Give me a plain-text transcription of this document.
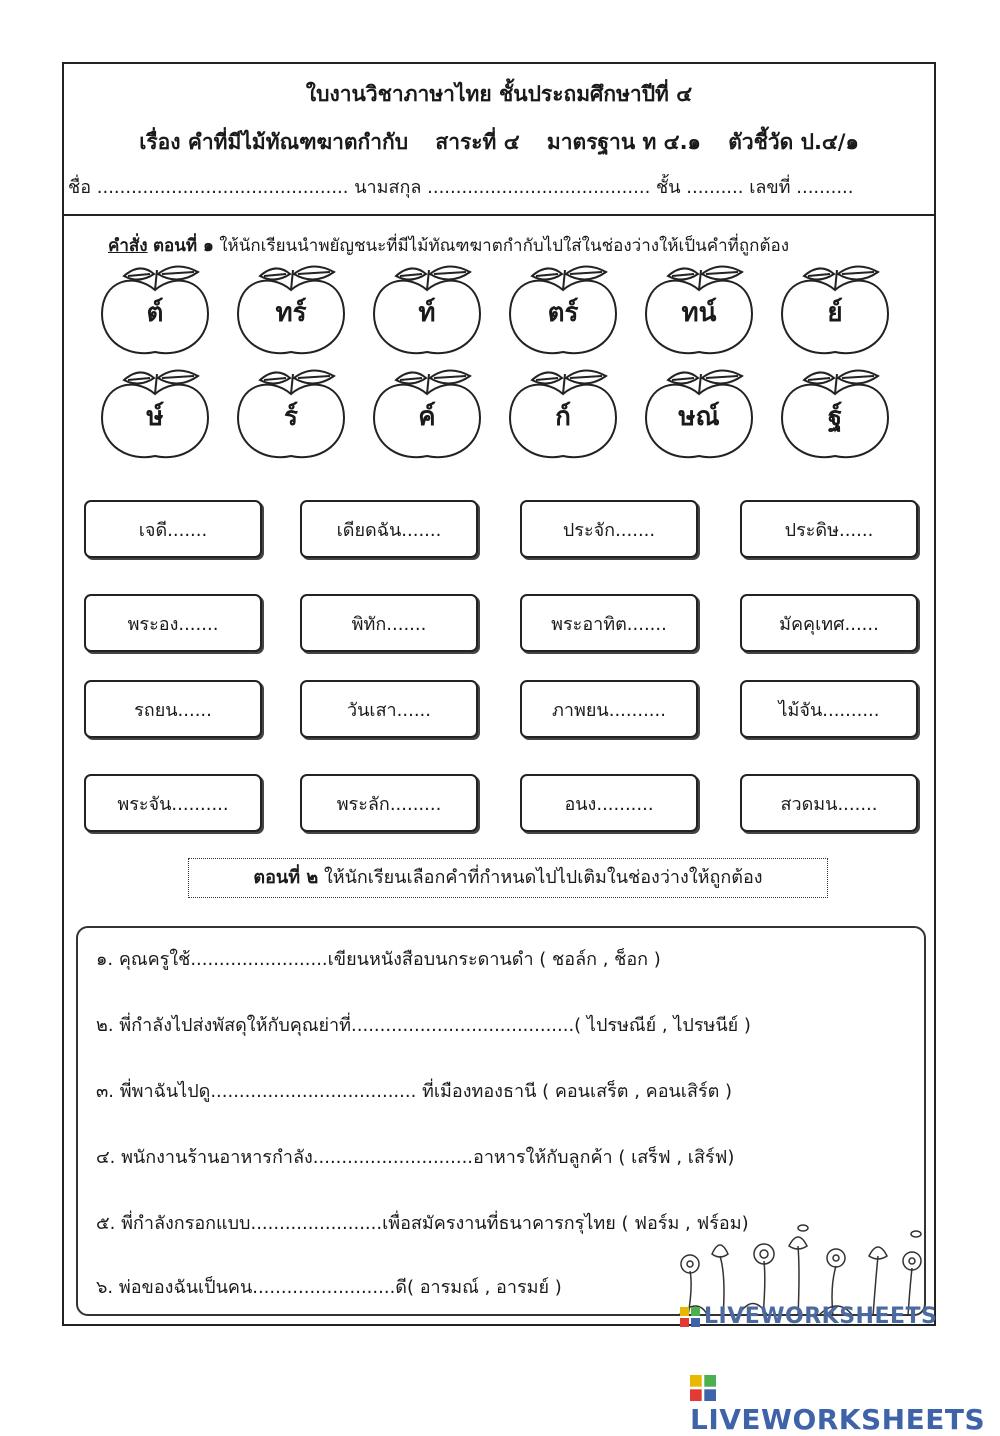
ใบงานวิชาภาษาไทย ชั้นประถมศึกษาปีที่ ๔
เรื่อง คำที่มีไม้ทัณฑฆาตกำกับ สาระที่ ๔ มาตรฐาน ท ๔.๑ ตัวชี้วัด ป.๔/๑
ชื่อ ............................................ นามสกุล ....................................... ชั้น .......... เลขที่ ..........
คำสั่ง ตอนที่ ๑ ให้นักเรียนนำพยัญชนะที่มีไม้ทัณฑฆาตกำกับไปใส่ในช่องว่างให้เป็นคำที่ถูกต้อง
ต์	ทร์	ท์	ตร์	ทน์	ย์
ษ์	ร์	ค์	ก์	ษณ์	ฐ์
เจดี.......	เดียดฉัน.......	ประจัก.......	ประดิษ......
พระอง.......	พิทัก.......	พระอาทิต.......	มัคคุเทศ......
รถยน......	วันเสา......	ภาพยน..........	ไม้จัน..........
พระจัน..........	พระลัก.........	อนง..........	สวดมน.......
ตอนที่ ๒ ให้นักเรียนเลือกคำที่กำหนดไปไปเติมในช่องว่างให้ถูกต้อง
๑. คุณครูใช้........................เขียนหนังสือบนกระดานดำ ( ชอล์ก , ช็อก )
๒. พี่กำลังไปส่งพัสดุให้กับคุณย่าที่.......................................( ไปรษณีย์ , ไปรษนีย์ )
๓. พี่พาฉันไปดู.................................... ที่เมืองทองธานี ( คอนเสร็ต , คอนเสิร์ต )
๔. พนักงานร้านอาหารกำลัง............................อาหารให้กับลูกค้า ( เสร็ฟ , เสิร์ฟ)
๕. พี่กำลังกรอกแบบ.......................เพื่อสมัครงานที่ธนาคารกรุไทย ( ฟอร์ม , ฟร์อม)
๖. พ่อของฉันเป็นคน.........................ดี( อารมณ์ , อารมย์ )
LIVEWORKSHEETS
LIVEWORKSHEETS
